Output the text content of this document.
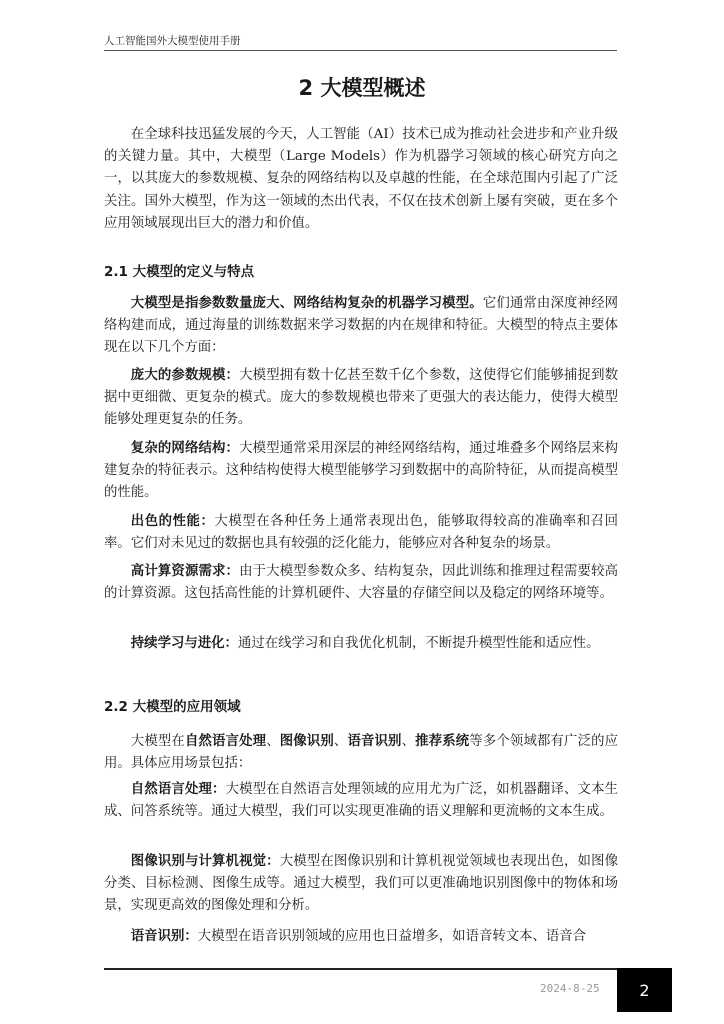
人工智能国外大模型使用手册
2 大模型概述

在全球科技迅猛发展的今天，人工智能（AI）技术已成为推动社会进步和产业升级的关键力量。其中，大模型（Large Models）作为机器学习领域的核心研究方向之一，以其庞大的参数规模、复杂的网络结构以及卓越的性能，在全球范围内引起了广泛关注。国外大模型，作为这一领域的杰出代表，不仅在技术创新上屡有突破，更在多个应用领域展现出巨大的潜力和价值。

2.1 大模型的定义与特点

大模型是指参数数量庞大、网络结构复杂的机器学习模型。它们通常由深度神经网络构建而成，通过海量的训练数据来学习数据的内在规律和特征。大模型的特点主要体现在以下几个方面：

庞大的参数规模：大模型拥有数十亿甚至数千亿个参数，这使得它们能够捕捉到数据中更细微、更复杂的模式。庞大的参数规模也带来了更强大的表达能力，使得大模型能够处理更复杂的任务。

复杂的网络结构：大模型通常采用深层的神经网络结构，通过堆叠多个网络层来构建复杂的特征表示。这种结构使得大模型能够学习到数据中的高阶特征，从而提高模型的性能。

出色的性能：大模型在各种任务上通常表现出色，能够取得较高的准确率和召回率。它们对未见过的数据也具有较强的泛化能力，能够应对各种复杂的场景。

高计算资源需求：由于大模型参数众多、结构复杂，因此训练和推理过程需要较高的计算资源。这包括高性能的计算机硬件、大容量的存储空间以及稳定的网络环境等。

持续学习与进化：通过在线学习和自我优化机制，不断提升模型性能和适应性。

2.2 大模型的应用领域

大模型在自然语言处理、图像识别、语音识别、推荐系统等多个领域都有广泛的应用。具体应用场景包括：

自然语言处理：大模型在自然语言处理领域的应用尤为广泛，如机器翻译、文本生成、问答系统等。通过大模型，我们可以实现更准确的语义理解和更流畅的文本生成。

图像识别与计算机视觉：大模型在图像识别和计算机视觉领域也表现出色，如图像分类、目标检测、图像生成等。通过大模型，我们可以更准确地识别图像中的物体和场景，实现更高效的图像处理和分析。

语音识别：大模型在语音识别领域的应用也日益增多，如语音转文本、语音合

2024-8-25 2
